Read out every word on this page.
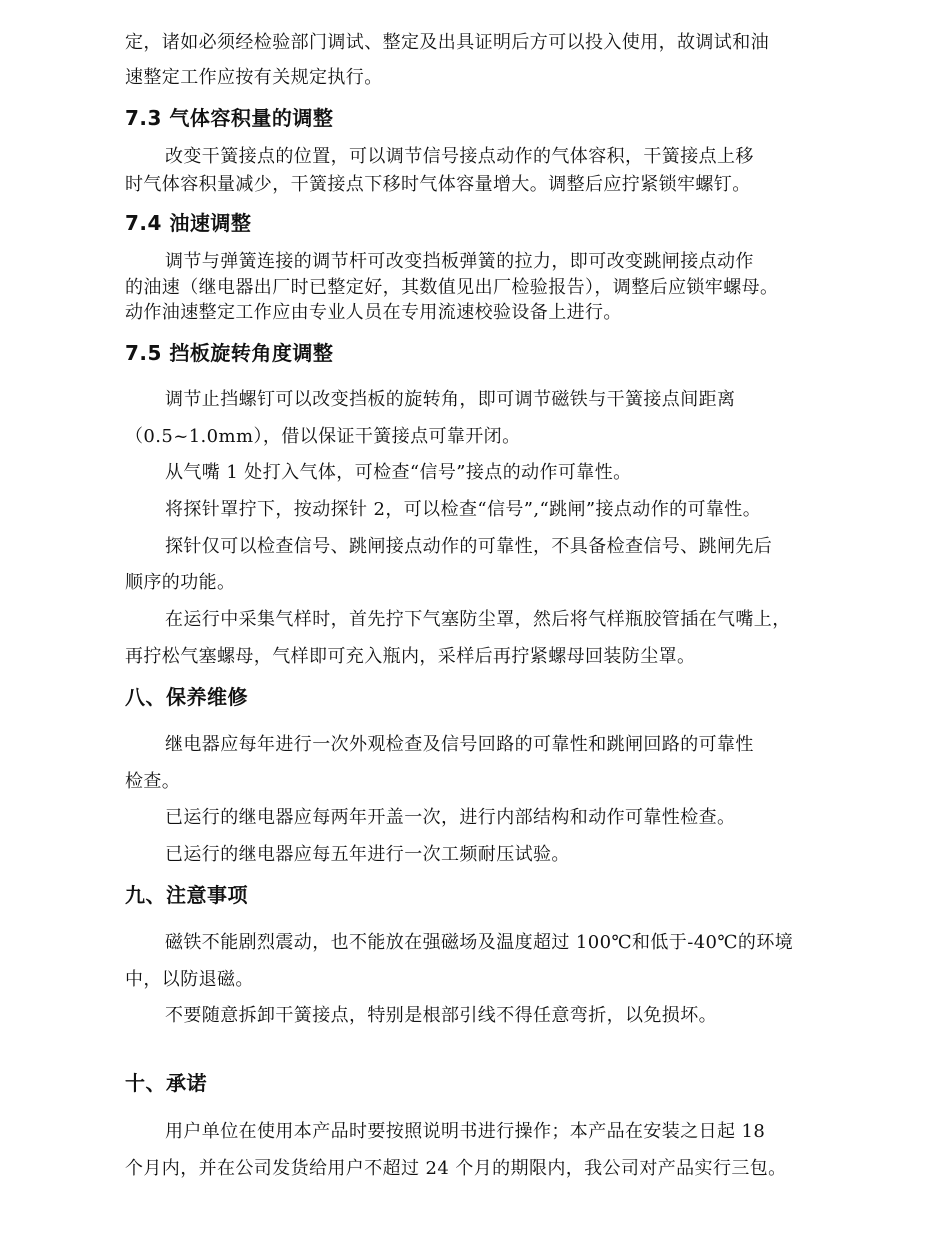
定，诸如必须经检验部门调试、整定及出具证明后方可以投入使用，故调试和油
速整定工作应按有关规定执行。
7.3 气体容积量的调整
改变干簧接点的位置，可以调节信号接点动作的气体容积，干簧接点上移
时气体容积量减少，干簧接点下移时气体容量增大。调整后应拧紧锁牢螺钉。
7.4 油速调整
调节与弹簧连接的调节杆可改变挡板弹簧的拉力，即可改变跳闸接点动作
的油速（继电器出厂时已整定好，其数值见出厂检验报告），调整后应锁牢螺母。
动作油速整定工作应由专业人员在专用流速校验设备上进行。
7.5 挡板旋转角度调整
调节止挡螺钉可以改变挡板的旋转角，即可调节磁铁与干簧接点间距离
（0.5~1.0mm），借以保证干簧接点可靠开闭。
从气嘴 1 处打入气体，可检查“信号”接点的动作可靠性。
将探针罩拧下，按动探针 2，可以检查“信号”,“跳闸”接点动作的可靠性。
探针仅可以检查信号、跳闸接点动作的可靠性，不具备检查信号、跳闸先后
顺序的功能。
在运行中采集气样时，首先拧下气塞防尘罩，然后将气样瓶胶管插在气嘴上，
再拧松气塞螺母，气样即可充入瓶内，采样后再拧紧螺母回装防尘罩。
八、保养维修
继电器应每年进行一次外观检查及信号回路的可靠性和跳闸回路的可靠性
检查。
已运行的继电器应每两年开盖一次，进行内部结构和动作可靠性检查。
已运行的继电器应每五年进行一次工频耐压试验。
九、注意事项
磁铁不能剧烈震动，也不能放在强磁场及温度超过 100℃和低于-40℃的环境
中，以防退磁。
不要随意拆卸干簧接点，特别是根部引线不得任意弯折，以免损坏。
十、承诺
用户单位在使用本产品时要按照说明书进行操作；本产品在安装之日起 18
个月内，并在公司发货给用户不超过 24 个月的期限内，我公司对产品实行三包。
